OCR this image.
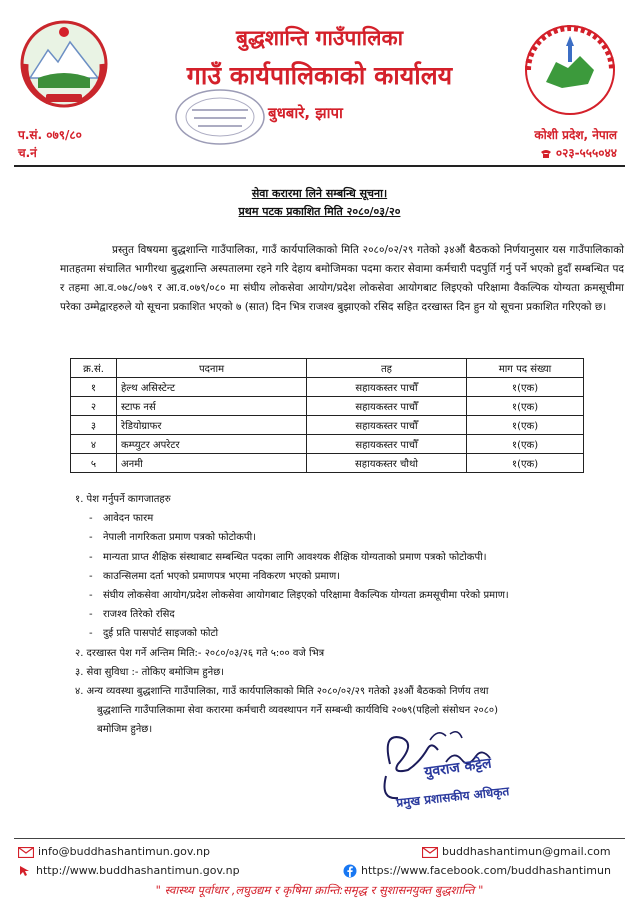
बुद्धशान्ति गाउँपालिका
गाउँ कार्यपालिकाको कार्यालय
बुधबारे, झापा
प.सं. ०७९/८०
च.नं
कोशी प्रदेश, नेपाल
०२३-५५५०४४
सेवा करारमा लिने सम्बन्धि सूचना।
प्रथम पटक प्रकाशित मिति २०८०/०३/२०

प्रस्तुत विषयमा बुद्धशान्ति गाउँपालिका, गाउँ कार्यपालिकाको मिति २०८०/०२/२९ गतेको ३४औं बैठकको निर्णयानुसार यस गाउँपालिकाको मातहतमा संचालित भागीरथा बुद्धशान्ति अस्पतालमा रहने गरि देहाय बमोजिमका पदमा करार सेवामा कर्मचारी पदपुर्ति गर्नु पर्ने भएको हुदाँ सम्बन्धित पद र तहमा आ.व.०७८/०७९ र आ.व.०७९/०८० मा संघीय लोकसेवा आयोग/प्रदेश लोकसेवा आयोगबाट लिइएको परिक्षामा वैकल्पिक योग्यता क्रमसूचीमा परेका उम्मेद्वारहरुले यो सूचना प्रकाशित भएको ७ (सात) दिन भित्र राजश्व बुझाएको रसिद सहित दरखास्त दिन हुन यो सूचना प्रकाशित गरिएको छ।

क्र.सं.	पदनाम	तह	माग पद संख्या
१	हेल्थ असिस्टेन्ट	सहायकस्तर पाचौँ	१(एक)
२	स्टाफ नर्स	सहायकस्तर पाचौँ	१(एक)
३	रेडियोग्राफर	सहायकस्तर पाचौँ	१(एक)
४	कम्प्युटर अपरेटर	सहायकस्तर पाचौँ	१(एक)
५	अनमी	सहायकस्तर चौथो	१(एक)
१. पेश गर्नुपर्ने कागजातहरु
- आवेदन फारम
- नेपाली नागरिकता प्रमाण पत्रको फोटोकपी।
- मान्यता प्राप्त शैक्षिक संस्थाबाट सम्बन्धित पदका लागि आवश्यक शैक्षिक योग्यताको प्रमाण पत्रको फोटोकपी।
- काउन्सिलमा दर्ता भएको प्रमाणपत्र भएमा नविकरण भएको प्रमाण।
- संघीय लोकसेवा आयोग/प्रदेश लोकसेवा आयोगबाट लिइएको परिक्षामा वैकल्पिक योग्यता क्रमसूचीमा परेको प्रमाण।
- राजश्व तिरेको रसिद
- दुई प्रति पासपोर्ट साइजको फोटो
२. दरखास्त पेश गर्ने अन्तिम मिति:- २०८०/०३/२६ गते ५:०० वजे भित्र
३. सेवा सुविधा :- तोकिए बमोजिम हुनेछ।
४. अन्य व्यवस्था बुद्धशान्ति गाउँपालिका, गाउँ कार्यपालिकाको मिति २०८०/०२/२९ गतेको ३४औं बैठकको निर्णय तथा
बुद्धशान्ति गाउँपालिकामा सेवा करारमा कर्मचारी व्यवस्थापन गर्ने सम्बन्धी कार्यविधि २०७९(पहिलो संसोधन २०८०)
बमोजिम हुनेछ।
युवराज कट्टेल
प्रमुख प्रशासकीय अधिकृत
info@buddhashantimun.gov.np	buddhashantimun@gmail.com
http://www.buddhashantimun.gov.np	https://www.facebook.com/buddhashantimun
" स्वास्थ्य पूर्वाधार ,लघुउद्यम र कृषिमा क्रान्ति:समृद्ध र सुशासनयुक्त बुद्धशान्ति "
